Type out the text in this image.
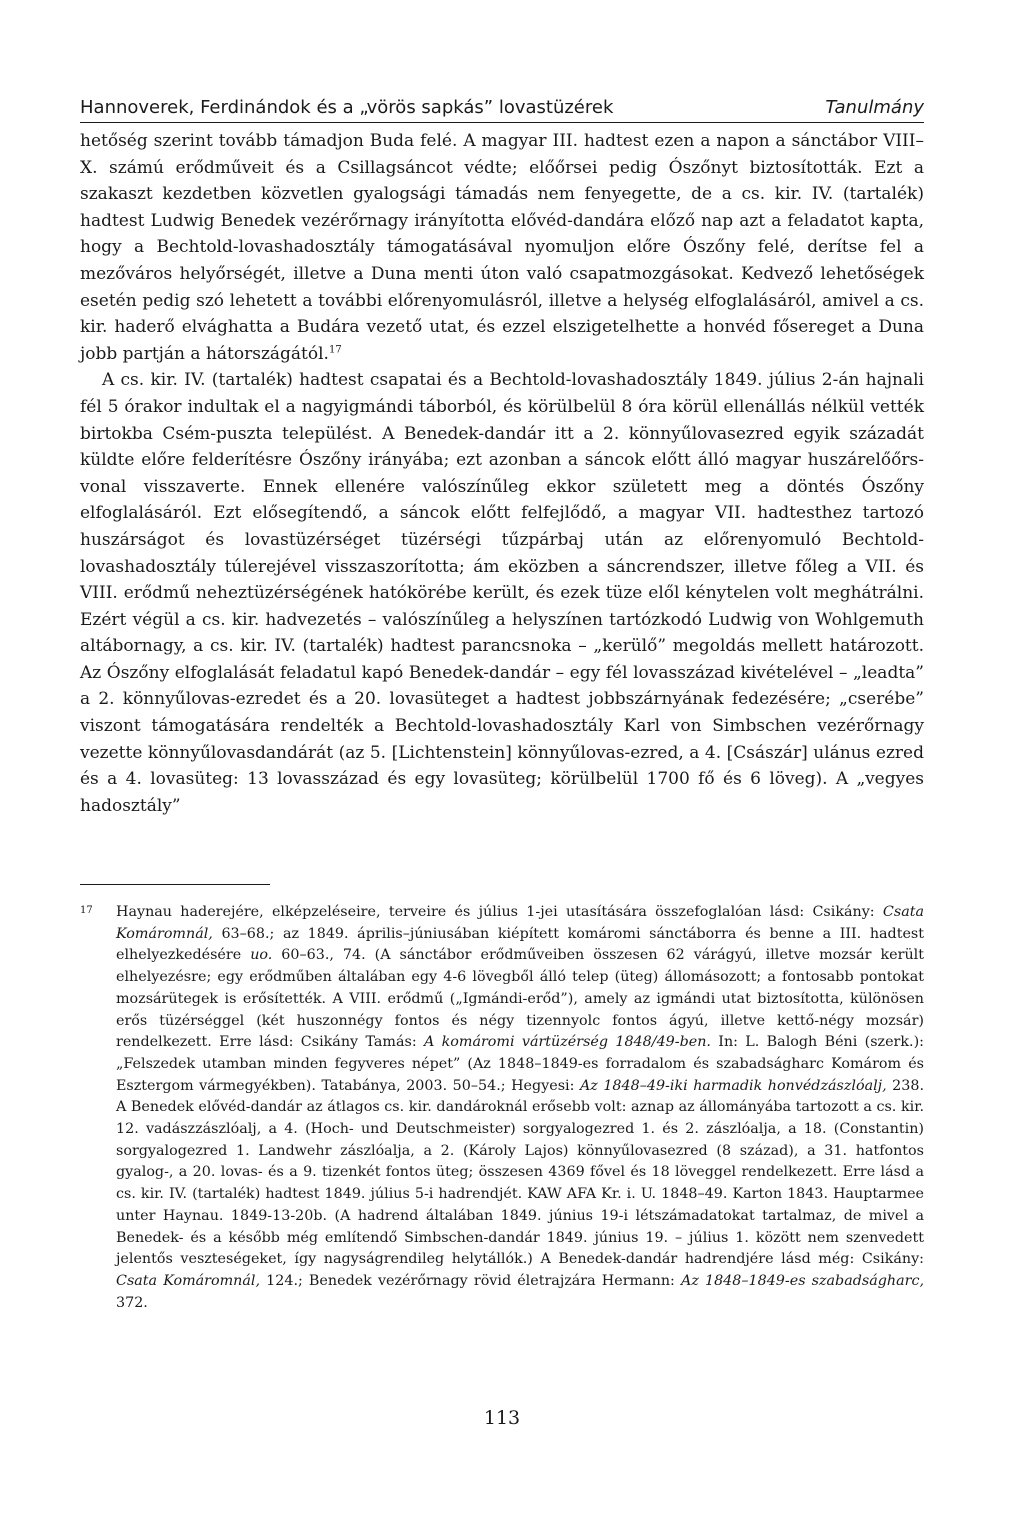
Hannoverek, Ferdinándok és a „vörös sapkás” lovastüzérek	Tanulmány

hetőség szerint tovább támadjon Buda felé. A magyar III. hadtest ezen a napon a sánctábor VIII–X. számú erődműveit és a Csillagsáncot védte; előőrsei pedig Ószőnyt biztosították. Ezt a szakaszt kezdetben közvetlen gyalogsági támadás nem fenyegette, de a cs. kir. IV. (tartalék) hadtest Ludwig Benedek vezérőrnagy irányította elővéd-dandára előző nap azt a feladatot kapta, hogy a Bechtold-lovashadosztály támogatásával nyomuljon előre Ószőny felé, derítse fel a mezőváros helyőrségét, illetve a Duna menti úton való csapatmozgásokat. Kedvező lehetőségek esetén pedig szó lehetett a további előrenyomulásról, illetve a helység elfoglalásáról, amivel a cs. kir. haderő elvághatta a Budára vezető utat, és ezzel elszigetelhette a honvéd fősereget a Duna jobb partján a hátországától.$^{17}$

A cs. kir. IV. (tartalék) hadtest csapatai és a Bechtold-lovashadosztály 1849. július 2-án hajnali fél 5 órakor indultak el a nagyigmándi táborból, és körülbelül 8 óra körül ellenállás nélkül vették birtokba Csém-puszta települést. A Benedek-dandár itt a 2. könnyűlovasezred egyik századát küldte előre felderítésre Ószőny irányába; ezt azonban a sáncok előtt álló magyar huszárelőőrs-vonal visszaverte. Ennek ellenére valószínűleg ekkor született meg a döntés Ószőny elfoglalásáról. Ezt elősegítendő, a sáncok előtt felfejlődő, a magyar VII. hadtesthez tartozó huszárságot és lovastüzérséget tüzérségi tűzpárbaj után az előrenyomuló Bechtold-lovashadosztály túlerejével visszaszorította; ám eközben a sáncrendszer, illetve főleg a VII. és VIII. erődmű neheztüzérségének hatókörébe került, és ezek tüze elől kénytelen volt meghátrálni. Ezért végül a cs. kir. hadvezetés – valószínűleg a helyszínen tartózkodó Ludwig von Wohlgemuth altábornagy, a cs. kir. IV. (tartalék) hadtest parancsnoka – „kerülő” megoldás mellett határozott. Az Ószőny elfoglalását feladatul kapó Benedek-dandár – egy fél lovasszázad kivételével – „leadta” a 2. könnyűlovas-ezredet és a 20. lovasüteget a hadtest jobbszárnyának fedezésére; „cserébe” viszont támogatására rendelték a Bechtold-lovashadosztály Karl von Simbschen vezérőrnagy vezette könnyűlovasdandárát (az 5. [Lichtenstein] könnyűlovas-ezred, a 4. [Császár] ulánus ezred és a 4. lovasüteg: 13 lovasszázad és egy lovasüteg; körülbelül 1700 fő és 6 löveg). A „vegyes hadosztály”

17 Haynau haderejére, elképzeléseire, terveire és július 1-jei utasítására összefoglalóan lásd: Csikány: Csata Komáromnál, 63–68.; az 1849. április–júniusában kiépített komáromi sánctáborra és benne a III. hadtest elhelyezkedésére uo. 60–63., 74. (A sánctábor erődműveiben összesen 62 várágyú, illetve mozsár került elhelyezésre; egy erődműben általában egy 4-6 lövegből álló telep (üteg) állomásozott; a fontosabb pontokat mozsárütegek is erősítették. A VIII. erődmű („Igmándi-erőd”), amely az igmándi utat biztosította, különösen erős tüzérséggel (két huszonnégy fontos és négy tizennyolc fontos ágyú, illetve kettő-négy mozsár) rendelkezett. Erre lásd: Csikány Tamás: A komáromi vártüzérség 1848/49-ben. In: L. Balogh Béni (szerk.): „Felszedek utamban minden fegyveres népet” (Az 1848–1849-es forradalom és szabadságharc Komárom és Esztergom vármegyékben). Tatabánya, 2003. 50–54.; Hegyesi: Az 1848–49-iki harmadik honvédzászlóalj, 238. A Benedek elővéd-dandár az átlagos cs. kir. dandároknál erősebb volt: aznap az állományába tartozott a cs. kir. 12. vadászzászlóalj, a 4. (Hoch- und Deutschmeister) sorgyalogezred 1. és 2. zászlóalja, a 18. (Constantin) sorgyalogezred 1. Landwehr zászlóalja, a 2. (Károly Lajos) könnyűlovasezred (8 század), a 31. hatfontos gyalog-, a 20. lovas- és a 9. tizenkét fontos üteg; összesen 4369 fővel és 18 löveggel rendelkezett. Erre lásd a cs. kir. IV. (tartalék) hadtest 1849. július 5-i hadrendjét. KAW AFA Kr. i. U. 1848–49. Karton 1843. Hauptarmee unter Haynau. 1849-13-20b. (A hadrend általában 1849. június 19-i létszámadatokat tartalmaz, de mivel a Benedek- és a később még említendő Simbschen-dandár 1849. június 19. – július 1. között nem szenvedett jelentős veszteségeket, így nagyságrendileg helytállók.) A Benedek-dandár hadrendjére lásd még: Csikány: Csata Komáromnál, 124.; Benedek vezérőrnagy rövid életrajzára Hermann: Az 1848–1849-es szabadságharc, 372.
113
